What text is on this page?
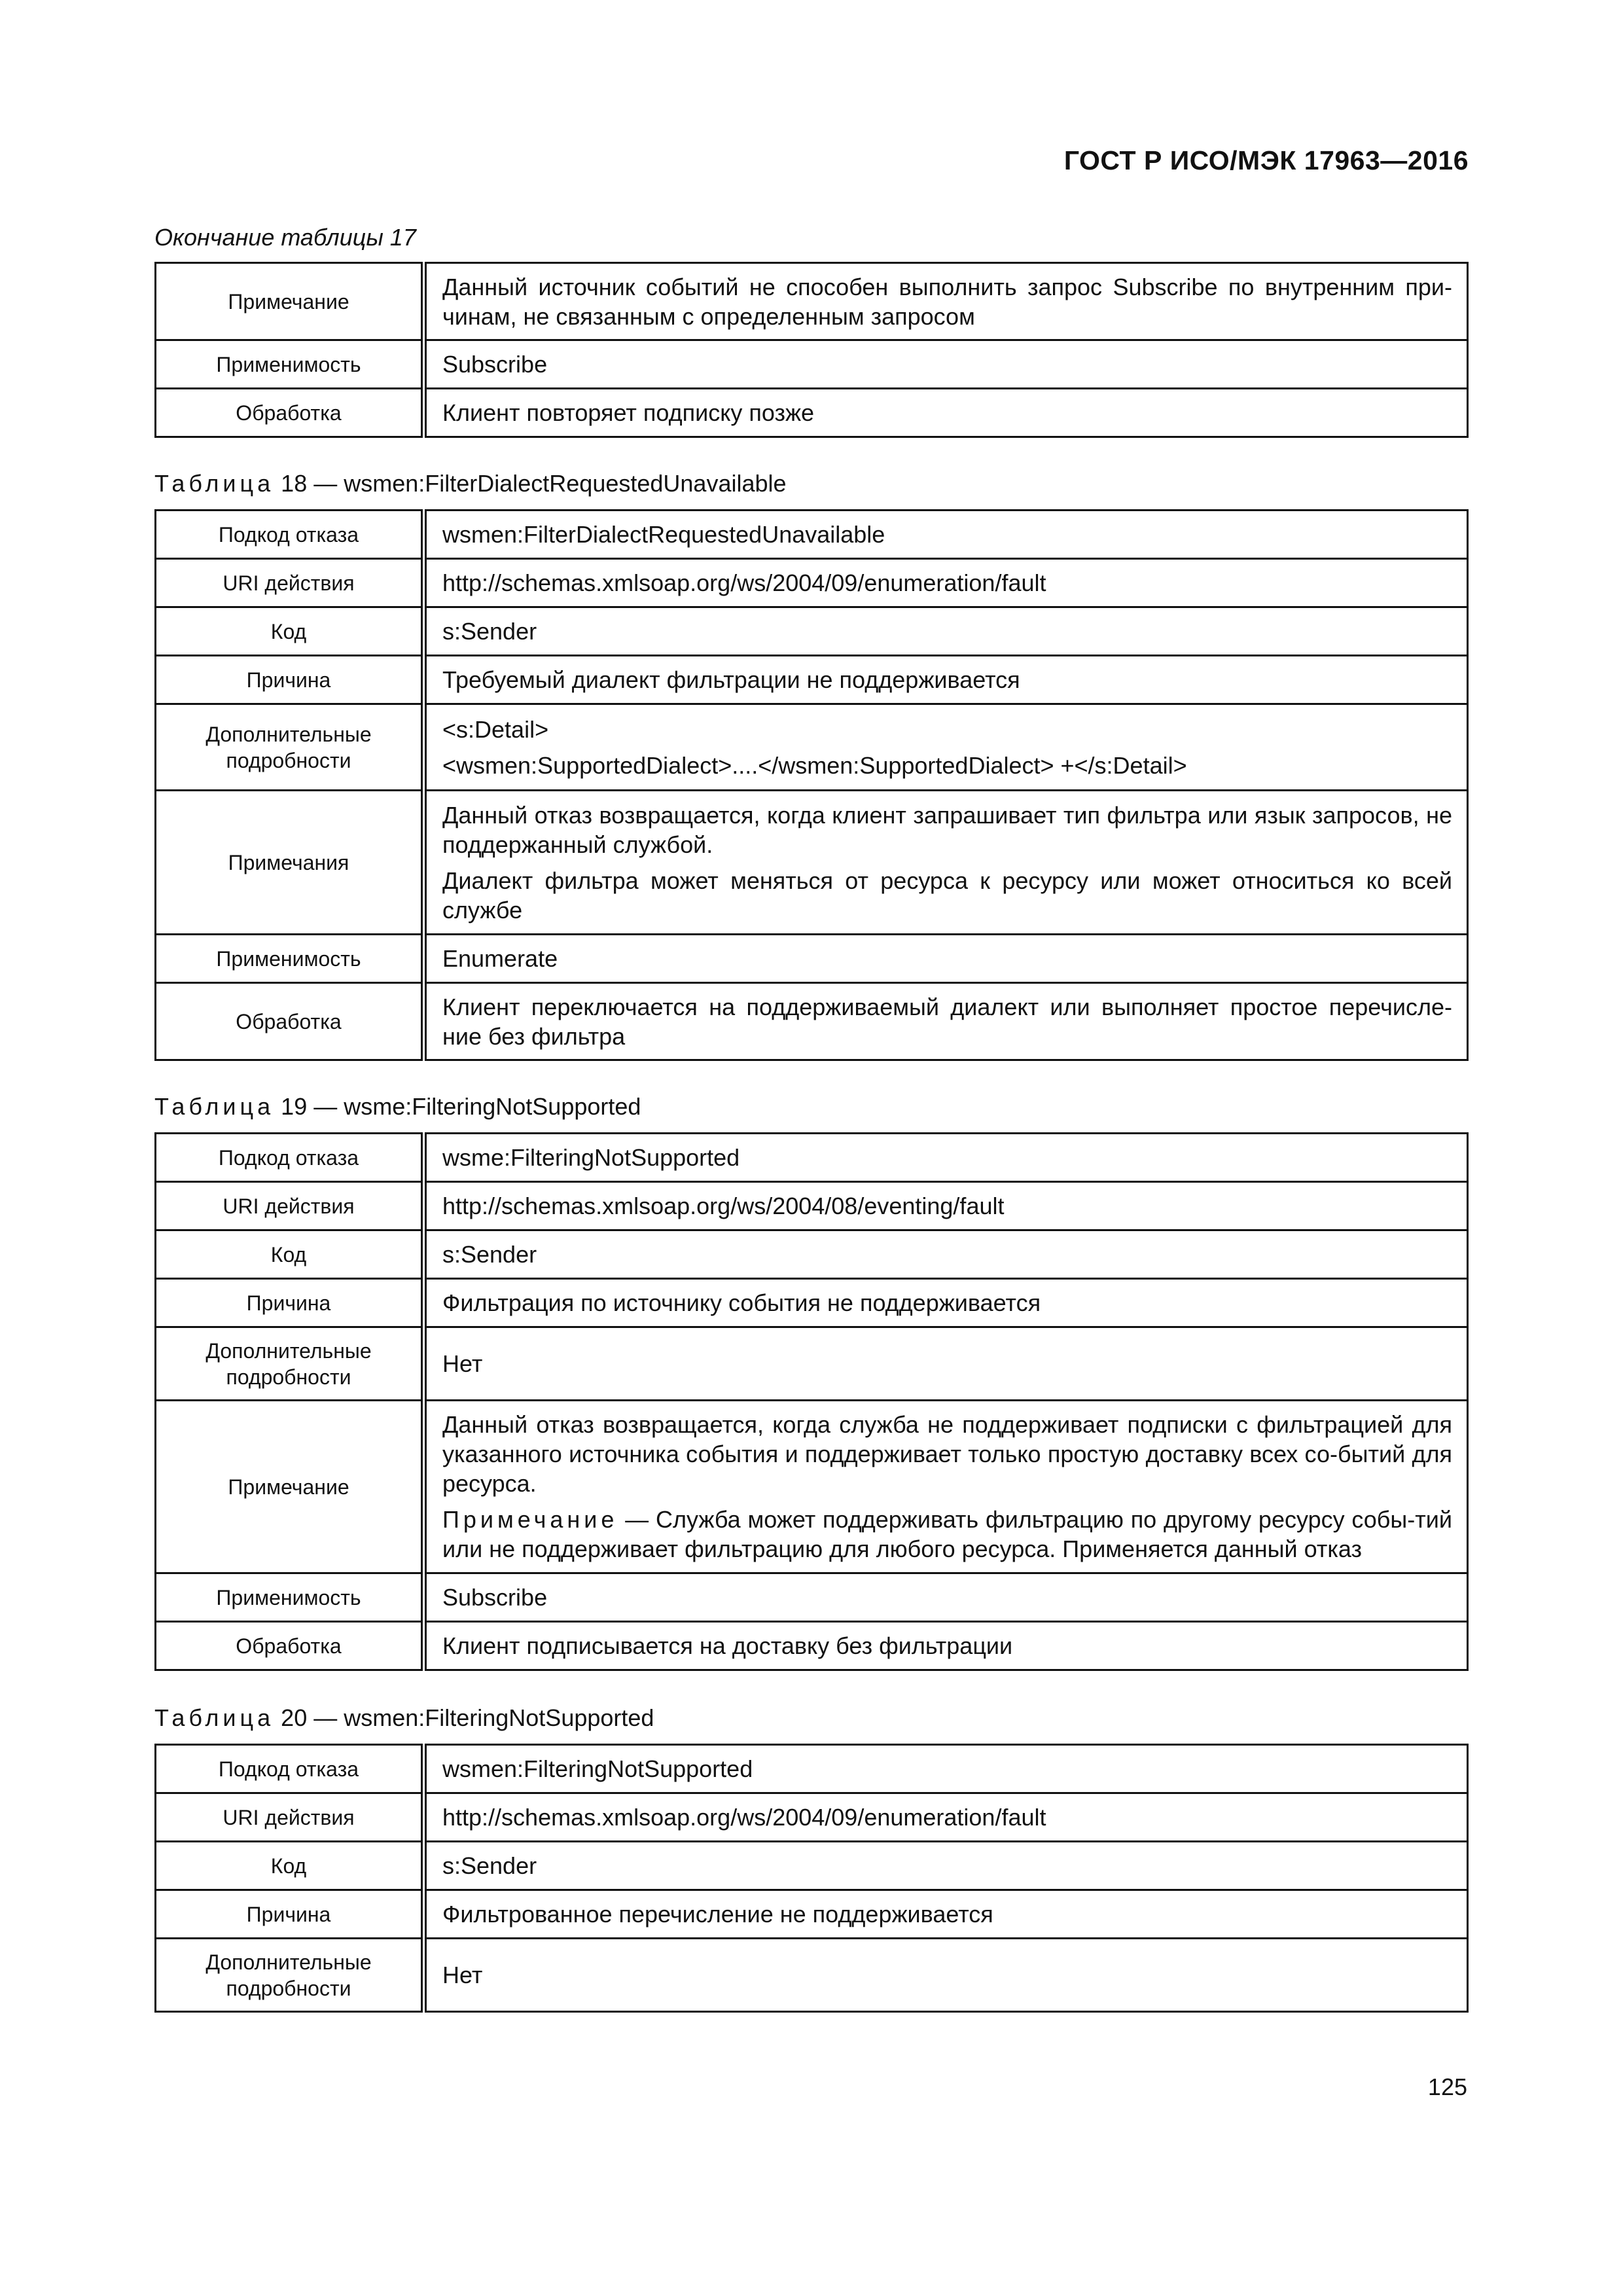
ГОСТ Р ИСО/МЭК 17963—2016
Окончание таблицы 17
Примечание	Данный источник событий не способен выполнить запрос Subscribe по внутренним при-чинам, не связанным с определенным запросом

Применимость	Subscribe

Обработка	Клиент повторяет подписку позже

Таблица 18 — wsmen:FilterDialectRequestedUnavailable
Подкод отказа	wsmen:FilterDialectRequestedUnavailable

URI действия	http://schemas.xmlsoap.org/ws/2004/09/enumeration/fault

Код	s:Sender

Причина	Требуемый диалект фильтрации не поддерживается

Дополнительные подробности	<s:Detail>

<wsmen:SupportedDialect>....</wsmen:SupportedDialect> +</s:Detail>

Примечания	Данный отказ возвращается, когда клиент запрашивает тип фильтра или язык запросов, не поддержанный службой.

Диалект фильтра может меняться от ресурса к ресурсу или может относиться ко всей службе

Применимость	Enumerate

Обработка	Клиент переключается на поддерживаемый диалект или выполняет простое перечисле-ние без фильтра

Таблица 19 — wsme:FilteringNotSupported
Подкод отказа	wsme:FilteringNotSupported

URI действия	http://schemas.xmlsoap.org/ws/2004/08/eventing/fault

Код	s:Sender

Причина	Фильтрация по источнику события не поддерживается

Дополнительные подробности	Нет

Примечание	Данный отказ возвращается, когда служба не поддерживает подписки с фильтрацией для указанного источника события и поддерживает только простую доставку всех со-бытий для ресурса.

Примечание — Служба может поддерживать фильтрацию по другому ресурсу собы-тий или не поддерживает фильтрацию для любого ресурса. Применяется данный отказ

Применимость	Subscribe

Обработка	Клиент подписывается на доставку без фильтрации

Таблица 20 — wsmen:FilteringNotSupported
Подкод отказа	wsmen:FilteringNotSupported

URI действия	http://schemas.xmlsoap.org/ws/2004/09/enumeration/fault

Код	s:Sender

Причина	Фильтрованное перечисление не поддерживается

Дополнительные подробности	Нет

125
